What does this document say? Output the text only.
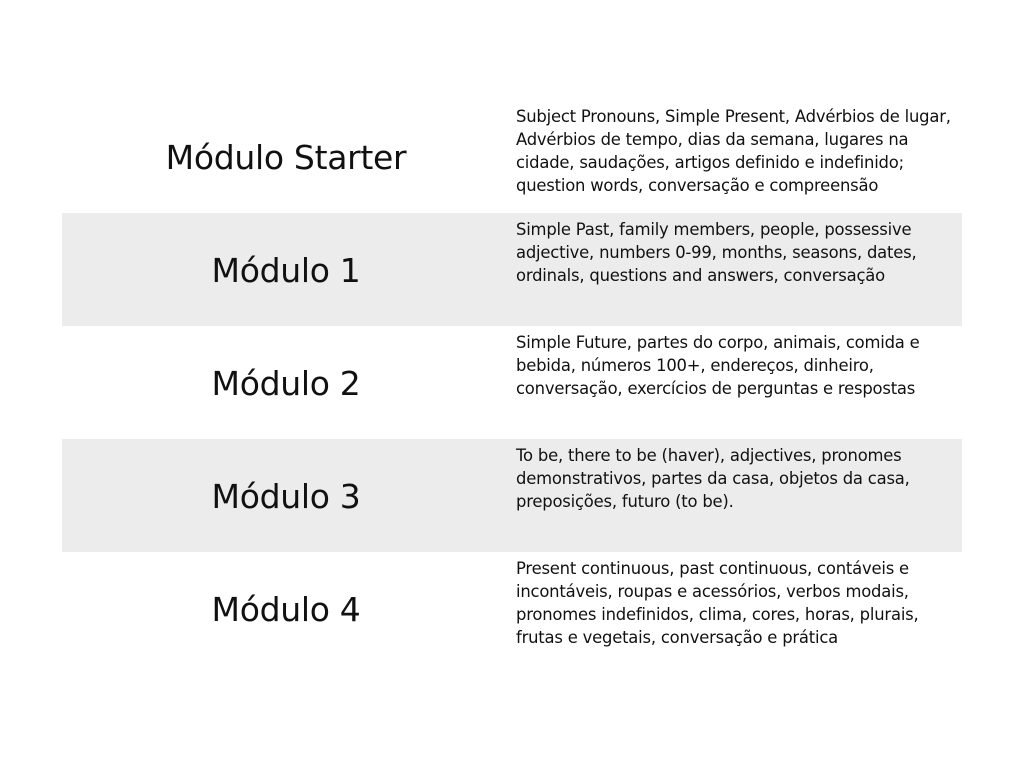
Módulo Starter
Subject Pronouns, Simple Present, Advérbios de lugar, Advérbios de tempo, dias da semana, lugares na cidade, saudações, artigos definido e indefinido; question words, conversação e compreensão
Módulo 1
Simple Past, family members, people, possessive adjective, numbers 0-99, months, seasons, dates, ordinals, questions and answers, conversação
Módulo 2
Simple Future, partes do corpo, animais, comida e bebida, números 100+, endereços, dinheiro, conversação, exercícios de perguntas e respostas
Módulo 3
To be, there to be (haver), adjectives, pronomes demonstrativos, partes da casa, objetos da casa, preposições, futuro (to be).
Módulo 4
Present continuous, past continuous, contáveis e incontáveis, roupas e acessórios, verbos modais, pronomes indefinidos, clima, cores, horas, plurais, frutas e vegetais, conversação e prática
